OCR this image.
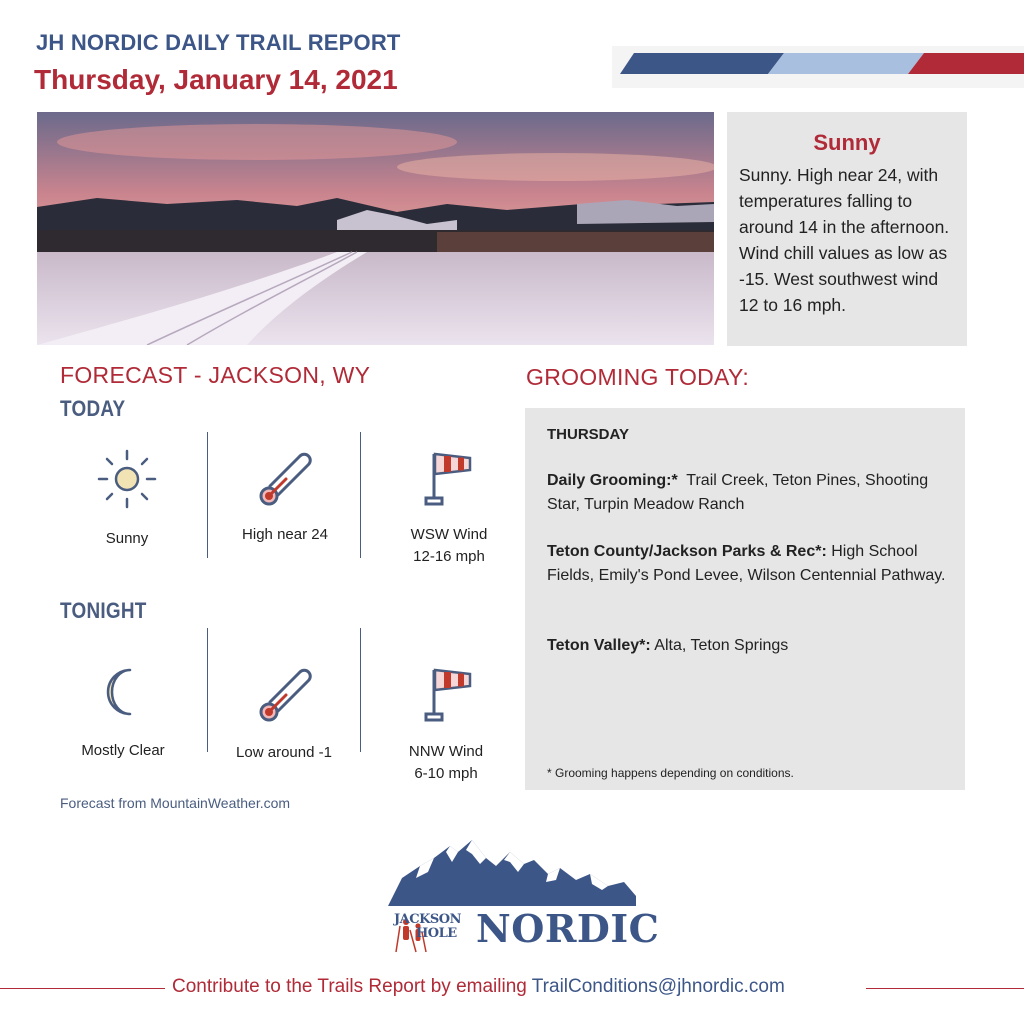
JH NORDIC DAILY TRAIL REPORT
Thursday, January 14, 2021
Sunny
Sunny. High near 24, with temperatures falling to around 14 in the afternoon. Wind chill values as low as -15. West southwest wind 12 to 16 mph.
FORECAST - JACKSON, WY
TODAY
Sunny	High near 24	WSW Wind
12-16 mph
TONIGHT
Mostly Clear	Low around -1	NNW Wind
6-10 mph
Forecast from MountainWeather.com
GROOMING TODAY:
THURSDAY
Daily Grooming:* Trail Creek, Teton Pines, Shooting Star, Turpin Meadow Ranch
Teton County/Jackson Parks & Rec*: High School Fields, Emily's Pond Levee, Wilson Centennial Pathway.
Teton Valley*: Alta, Teton Springs
* Grooming happens depending on conditions.
JACKSON
HOLE NORDIC
Contribute to the Trails Report by emailing TrailConditions@jhnordic.com
